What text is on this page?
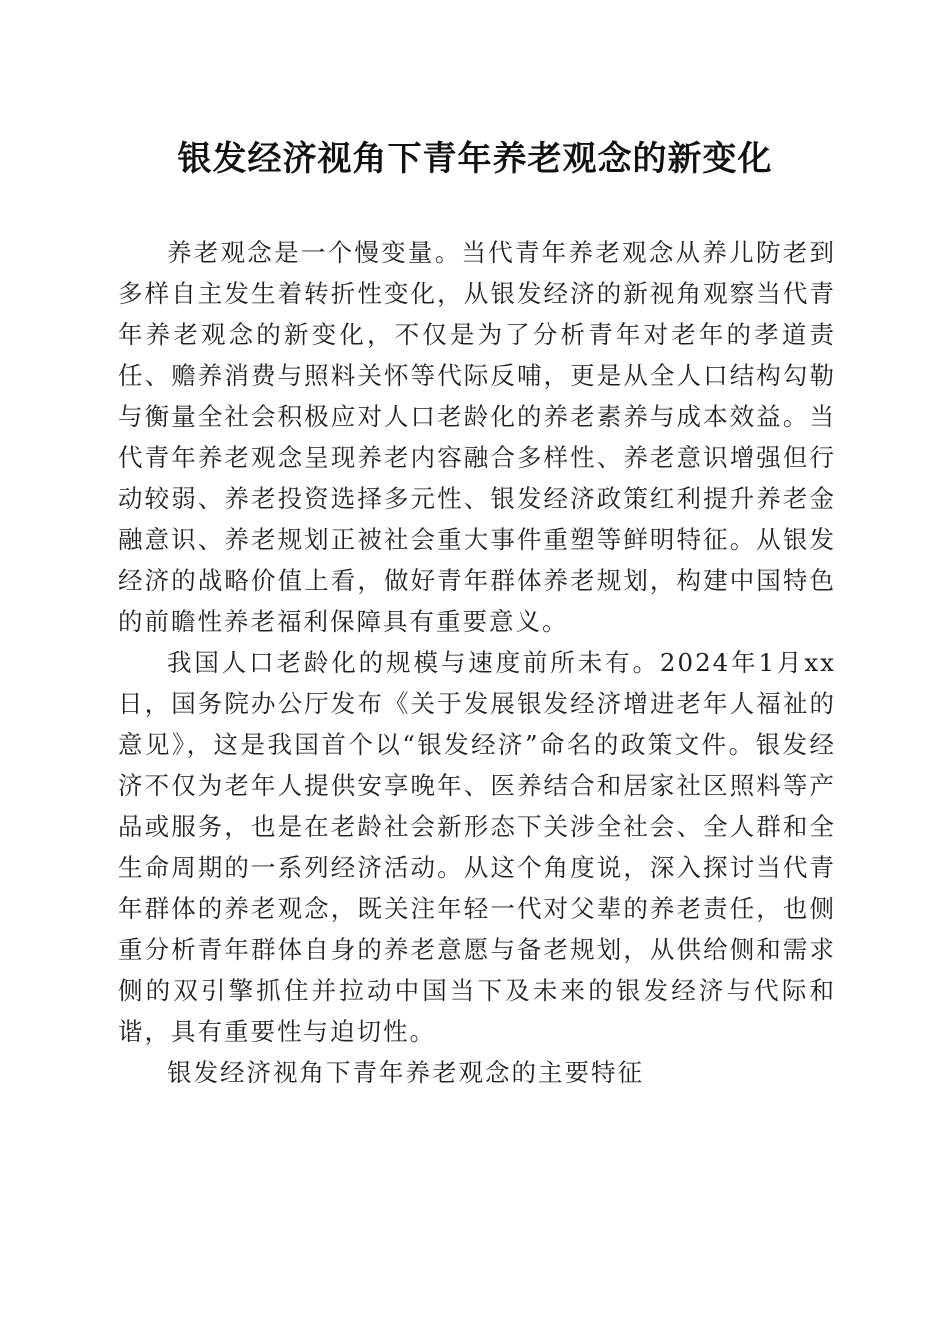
银发经济视角下青年养老观念的新变化

养老观念是一个慢变量。当代青年养老观念从养儿防老到多样自主发生着转折性变化，从银发经济的新视角观察当代青年养老观念的新变化，不仅是为了分析青年对老年的孝道责任、赡养消费与照料关怀等代际反哺，更是从全人口结构勾勒与衡量全社会积极应对人口老龄化的养老素养与成本效益。当代青年养老观念呈现养老内容融合多样性、养老意识增强但行动较弱、养老投资选择多元性、银发经济政策红利提升养老金融意识、养老规划正被社会重大事件重塑等鲜明特征。从银发经济的战略价值上看，做好青年群体养老规划，构建中国特色的前瞻性养老福利保障具有重要意义。

我国人口老龄化的规模与速度前所未有。2024年1月xx日，国务院办公厅发布《关于发展银发经济增进老年人福祉的意见》，这是我国首个以“银发经济”命名的政策文件。银发经济不仅为老年人提供安享晚年、医养结合和居家社区照料等产品或服务，也是在老龄社会新形态下关涉全社会、全人群和全生命周期的一系列经济活动。从这个角度说，深入探讨当代青年群体的养老观念，既关注年轻一代对父辈的养老责任，也侧重分析青年群体自身的养老意愿与备老规划，从供给侧和需求侧的双引擎抓住并拉动中国当下及未来的银发经济与代际和谐，具有重要性与迫切性。

银发经济视角下青年养老观念的主要特征
